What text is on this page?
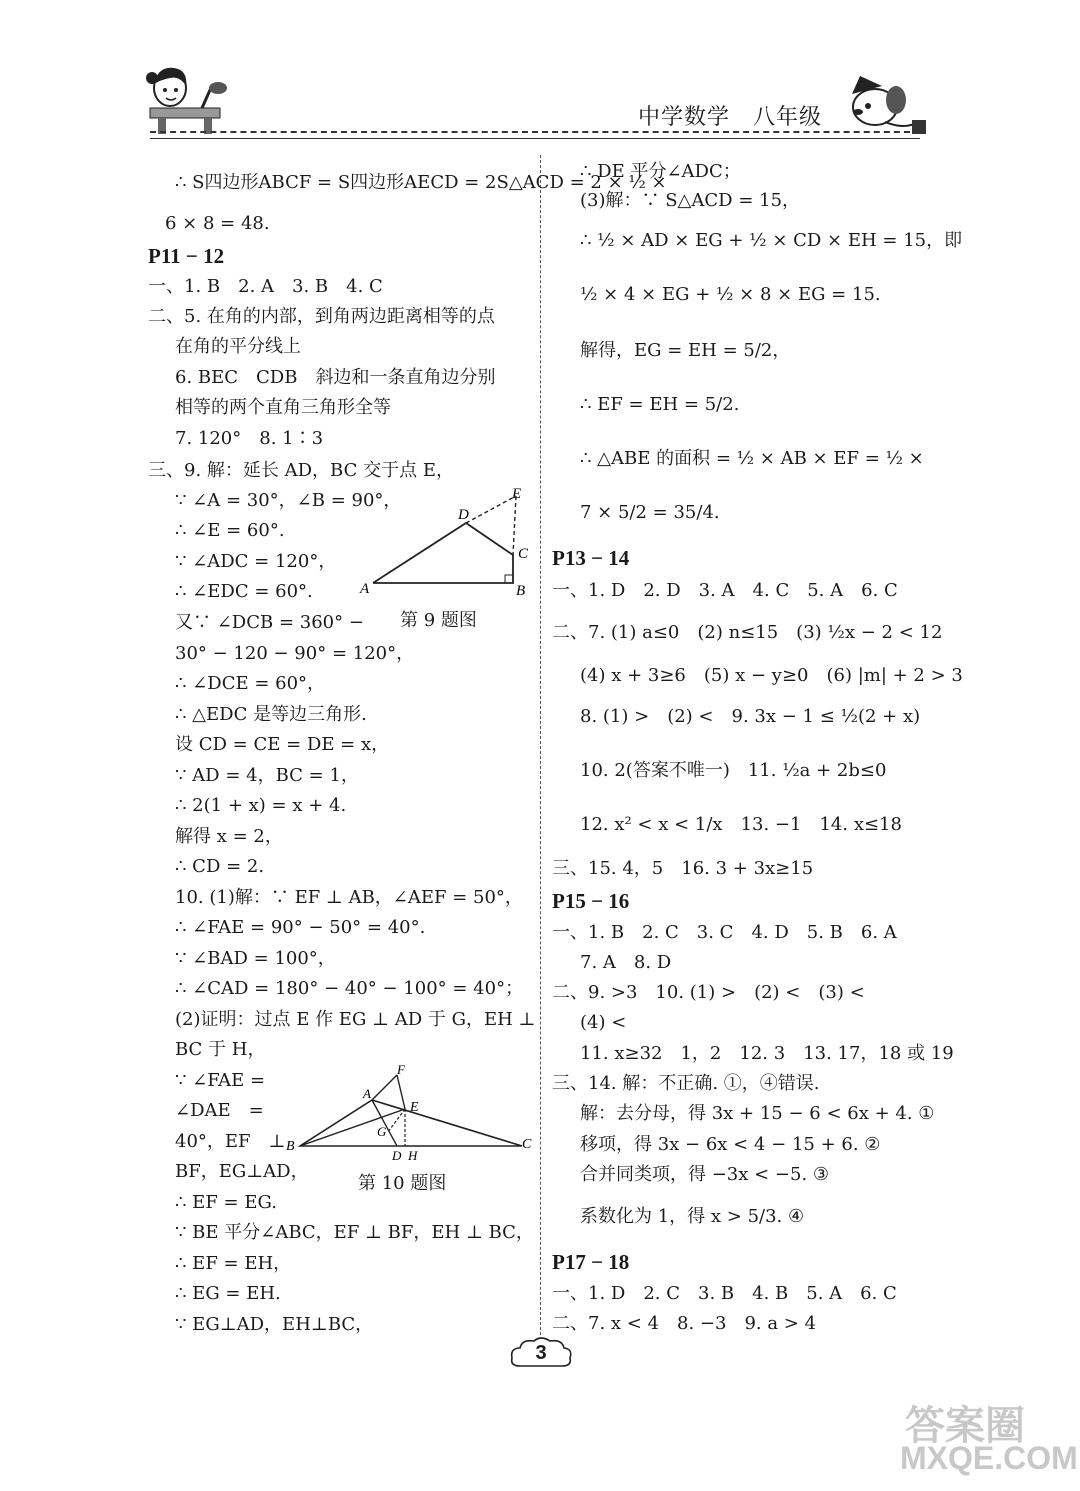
中学数学　八年级
∴ S四边形ABCF = S四边形AECD = 2S△ACD = 2 × ½ ×
6 × 8 = 48.
P11 − 12
一、1. B　2. A　3. B　4. C
二、5. 在角的内部，到角两边距离相等的点
在角的平分线上
6. BEC　CDB　斜边和一条直角边分别
相等的两个直角三角形全等
7. 120°　8. 1∶3
三、9. 解：延长 AD，BC 交于点 E，
∵ ∠A = 30°，∠B = 90°，
∴ ∠E = 60°.
∵ ∠ADC = 120°，
∴ ∠EDC = 60°.
又∵ ∠DCB = 360° −
30° − 120 − 90° = 120°，
∴ ∠DCE = 60°，
∴ △EDC 是等边三角形.
设 CD = CE = DE = x，
∵ AD = 4，BC = 1，
∴ 2(1 + x) = x + 4.
解得 x = 2，
∴ CD = 2.
10. (1)解：∵ EF ⊥ AB，∠AEF = 50°，
∴ ∠FAE = 90° − 50° = 40°.
∵ ∠BAD = 100°，
∴ ∠CAD = 180° − 40° − 100° = 40°；
(2)证明：过点 E 作 EG ⊥ AD 于 G，EH ⊥
BC 于 H，
∵ ∠FAE =
∠DAE　=
40°，EF　⊥
BF，EG⊥AD，
∴ EF = EG.
∵ BE 平分∠ABC，EF ⊥ BF，EH ⊥ BC，
∴ EF = EH，
∴ EG = EH.
∵ EG⊥AD，EH⊥BC，
A	B
C
D
E
第 9 题图
A
B	C
D
E
F
G
H
第 10 题图
∴ DE 平分∠ADC；
(3)解：∵ S△ACD = 15，
∴ ½ × AD × EG + ½ × CD × EH = 15，即
½ × 4 × EG + ½ × 8 × EG = 15.
解得，EG = EH = 5/2，
∴ EF = EH = 5/2.
∴ △ABE 的面积 = ½ × AB × EF = ½ ×
7 × 5/2 = 35/4.
P13 − 14
一、1. D　2. D　3. A　4. C　5. A　6. C
二、7. (1) a≤0　(2) n≤15　(3) ½x − 2 < 12
(4) x + 3≥6　(5) x − y≥0　(6) |m| + 2 > 3
8. (1) >　(2) <　9. 3x − 1 ≤ ½(2 + x)
10. 2(答案不唯一)　11. ½a + 2b≤0
12. x² < x < 1/x　13. −1　14. x≤18
三、15. 4，5　16. 3 + 3x≥15
P15 − 16
一、1. B　2. C　3. C　4. D　5. B　6. A
7. A　8. D
二、9. >3　10. (1) >　(2) <　(3) <
(4) <
11. x≥32　1，2　12. 3　13. 17，18 或 19
三、14. 解：不正确. ①，④错误.
解：去分母，得 3x + 15 − 6 < 6x + 4. ①
移项，得 3x − 6x < 4 − 15 + 6. ②
合并同类项，得 −3x < −5. ③
系数化为 1，得 x > 5/3. ④
P17 − 18
一、1. D　2. C　3. B　4. B　5. A　6. C
二、7. x < 4　8. −3　9. a > 4
3
答案圈
MXQE.COM
